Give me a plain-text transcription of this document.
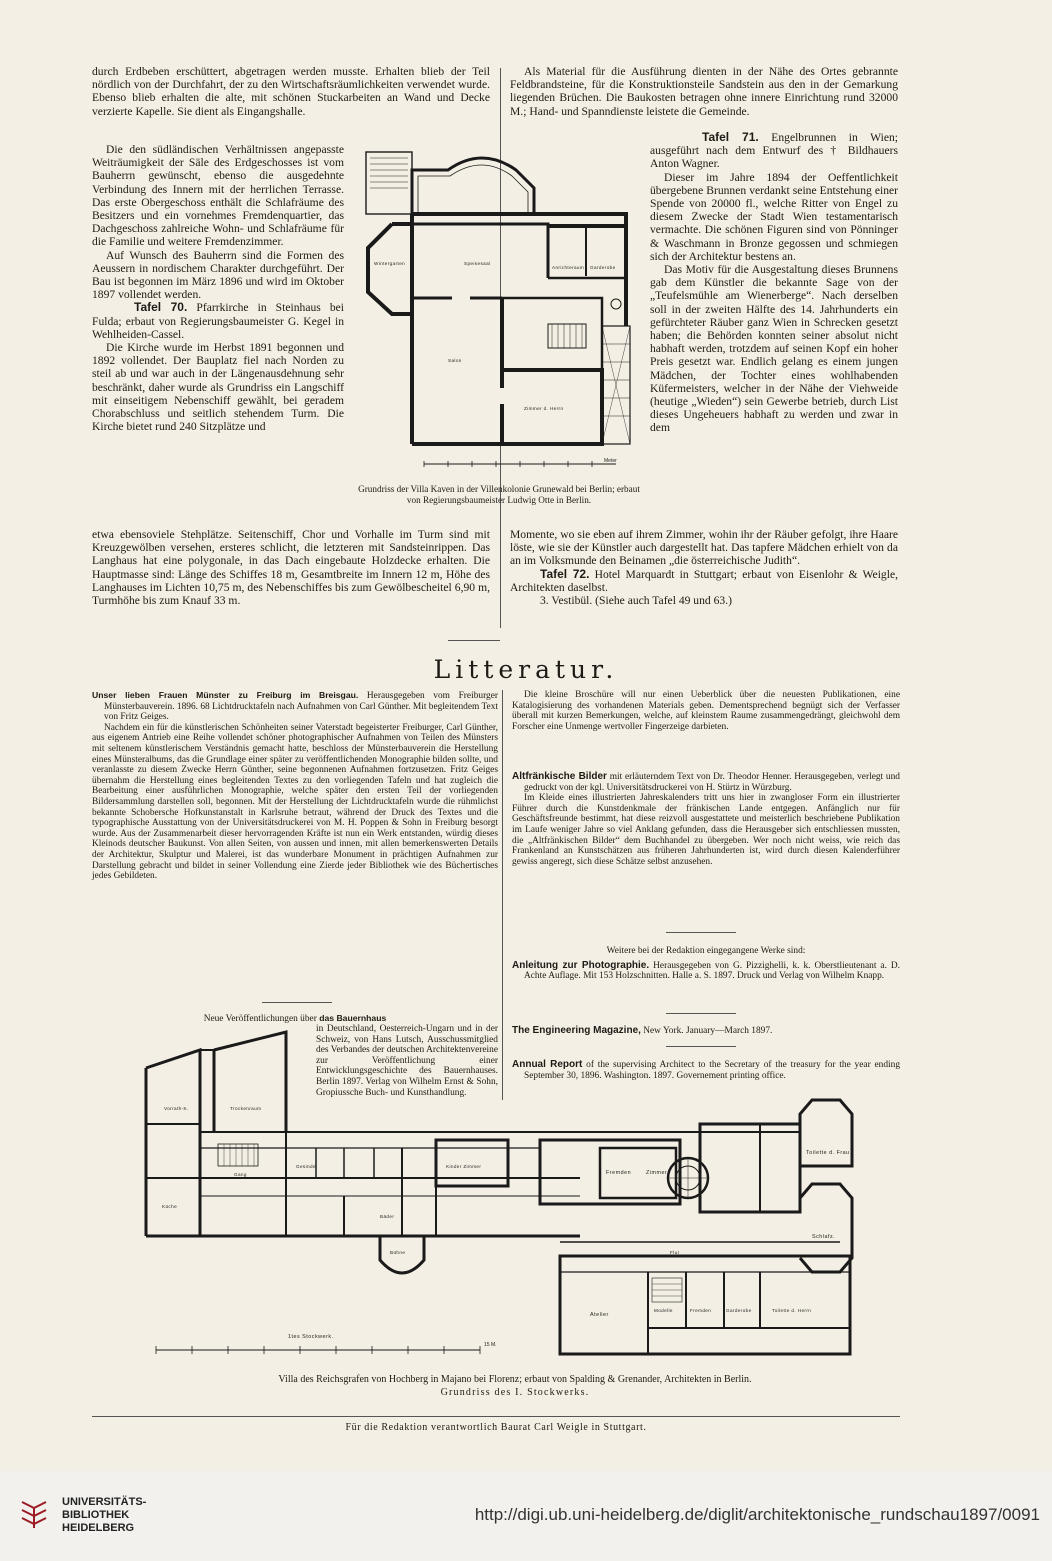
durch Erdbeben erschüttert, abgetragen werden musste. Erhalten blieb der Teil nördlich von der Durchfahrt, der zu den Wirtschaftsräumlichkeiten verwendet wurde. Ebenso blieb erhalten die alte, mit schönen Stuckarbeiten an Wand und Decke verzierte Kapelle. Sie dient als Eingangshalle.

Die den südländischen Verhältnissen angepasste Weiträumigkeit der Säle des Erdgeschosses ist vom Bauherrn gewünscht, ebenso die ausgedehnte Verbindung des Innern mit der herrlichen Terrasse. Das erste Obergeschoss enthält die Schlafräume des Besitzers und ein vornehmes Fremdenquartier, das Dachgeschoss zahlreiche Wohn- und Schlafräume für die Familie und weitere Fremdenzimmer.

Auf Wunsch des Bauherrn sind die Formen des Aeussern in nordischem Charakter durchgeführt. Der Bau ist begonnen im März 1896 und wird im Oktober 1897 vollendet werden.

Tafel 70. Pfarrkirche in Steinhaus bei Fulda; erbaut von Regierungsbaumeister G. Kegel in Wehlheiden-Cassel.

Die Kirche wurde im Herbst 1891 begonnen und 1892 vollendet. Der Bauplatz fiel nach Norden zu steil ab und war auch in der Längenausdehnung sehr beschränkt, daher wurde als Grundriss ein Langschiff mit einseitigem Nebenschiff gewählt, bei geradem Chorabschluss und seitlich stehendem Turm. Die Kirche bietet rund 240 Sitzplätze und

etwa ebensoviele Stehplätze. Seitenschiff, Chor und Vorhalle im Turm sind mit Kreuzgewölben versehen, ersteres schlicht, die letzteren mit Sandsteinrippen. Das Langhaus hat eine polygonale, in das Dach eingebaute Holzdecke erhalten. Die Hauptmasse sind: Länge des Schiffes 18 m, Gesamtbreite im Innern 12 m, Höhe des Langhauses im Lichten 10,75 m, des Nebenschiffes bis zum Gewölbescheitel 6,90 m, Turmhöhe bis zum Knauf 33 m.

Als Material für die Ausführung dienten in der Nähe des Ortes gebrannte Feldbrandsteine, für die Konstruktionsteile Sandstein aus den in der Gemarkung liegenden Brüchen. Die Baukosten betragen ohne innere Einrichtung rund 32000 M.; Hand- und Spanndienste leistete die Gemeinde.

Tafel 71. Engelbrunnen in Wien; ausgeführt nach dem Entwurf des † Bildhauers Anton Wagner.

Dieser im Jahre 1894 der Oeffentlichkeit übergebene Brunnen verdankt seine Entstehung einer Spende von 20000 fl., welche Ritter von Engel zu diesem Zwecke der Stadt Wien testamentarisch vermachte. Die schönen Figuren sind von Pönninger & Waschmann in Bronze gegossen und schmiegen sich der Architektur bestens an.

Das Motiv für die Ausgestaltung dieses Brunnens gab dem Künstler die bekannte Sage von der „Teufelsmühle am Wienerberge“. Nach derselben soll in der zweiten Hälfte des 14. Jahrhunderts ein gefürchteter Räuber ganz Wien in Schrecken gesetzt haben; die Behörden konnten seiner absolut nicht habhaft werden, trotzdem auf seinen Kopf ein hoher Preis gesetzt war. Endlich gelang es einem jungen Mädchen, der Tochter eines wohlhabenden Küfermeisters, welcher in der Nähe der Viehweide (heutige „Wieden“) sein Gewerbe betrieb, durch List dieses Ungeheuers habhaft zu werden und zwar in dem

Momente, wo sie eben auf ihrem Zimmer, wohin ihr der Räuber gefolgt, ihre Haare löste, wie sie der Künstler auch dargestellt hat. Das tapfere Mädchen erhielt von da an im Volksmunde den Beinamen „die österreichische Judith“.

Tafel 72. Hotel Marquardt in Stuttgart; erbaut von Eisenlohr & Weigle, Architekten daselbst.

3. Vestibül. (Siehe auch Tafel 49 und 63.)

Wintergarten	Speisesaal
Anrichteraum Garderobe
Salon
Zimmer d. Herrn
Meter
Grundriss der Villa Kaven in der Villenkolonie Grunewald bei Berlin; erbaut von Regierungsbaumeister Ludwig Otte in Berlin.
Litteratur.

Unser lieben Frauen Münster zu Freiburg im Breisgau. Herausgegeben vom Freiburger Münsterbauverein. 1896. 68 Lichtdrucktafeln nach Aufnahmen von Carl Günther. Mit begleitendem Text von Fritz Geiges.

Nachdem ein für die künstlerischen Schönheiten seiner Vaterstadt begeisterter Freiburger, Carl Günther, aus eigenem Antrieb eine Reihe vollendet schöner photographischer Aufnahmen von Teilen des Münsters mit seltenem künstlerischem Verständnis gemacht hatte, beschloss der Münsterbauverein die Herstellung eines Münsteralbums, das die Grundlage einer später zu veröffentlichenden Monographie bilden sollte, und veranlasste zu diesem Zwecke Herrn Günther, seine begonnenen Aufnahmen fortzusetzen. Fritz Geiges übernahm die Herstellung eines begleitenden Textes zu den vorliegenden Tafeln und hat zugleich die Bearbeitung einer ausführlichen Monographie, welche später den ersten Teil der vorliegenden Bildersammlung darstellen soll, begonnen. Mit der Herstellung der Lichtdrucktafeln wurde die rühmlichst bekannte Schobersche Hofkunstanstalt in Karlsruhe betraut, während der Druck des Textes und die typographische Ausstattung von der Universitätsdruckerei von M. H. Poppen & Sohn in Freiburg besorgt wurde. Aus der Zusammenarbeit dieser hervorragenden Kräfte ist nun ein Werk entstanden, würdig dieses Kleinods deutscher Baukunst. Von allen Seiten, von aussen und innen, mit allen bemerkenswerten Details der Architektur, Skulptur und Malerei, ist das wunderbare Monument in prächtigen Aufnahmen zur Darstellung gebracht und bildet in seiner Vollendung eine Zierde jeder Bibliothek wie des Büchertisches jedes Gebildeten.

Neue Veröffentlichungen über das Bauernhaus

in Deutschland, Oesterreich-Ungarn und in der Schweiz, von Hans Lutsch, Ausschussmitglied des Verbandes der deutschen Architektenvereine zur Veröffentlichung einer Entwicklungsgeschichte des Bauernhauses. Berlin 1897. Verlag von Wilhelm Ernst & Sohn, Gropiussche Buch- und Kunsthandlung.

Die kleine Broschüre will nur einen Ueberblick über die neuesten Publikationen, eine Katalogisierung des vorhandenen Materials geben. Dementsprechend begnügt sich der Verfasser überall mit kurzen Bemerkungen, welche, auf kleinstem Raume zusammengedrängt, gleichwohl dem Forscher eine Unmenge wertvoller Fingerzeige darbieten.

Altfränkische Bilder mit erläuterndem Text von Dr. Theodor Henner. Herausgegeben, verlegt und gedruckt von der kgl. Universitätsdruckerei von H. Stürtz in Würzburg.

Im Kleide eines illustrierten Jahreskalenders tritt uns hier in zwangloser Form ein illustrierter Führer durch die Kunstdenkmale der fränkischen Lande entgegen. Anfänglich nur für Geschäftsfreunde bestimmt, hat diese reizvoll ausgestattete und meisterlich beschriebene Publikation im Laufe weniger Jahre so viel Anklang gefunden, dass die Herausgeber sich entschliessen mussten, die „Altfränkischen Bilder“ dem Buchhandel zu übergeben. Wer noch nicht weiss, wie reich das Frankenland an Kunstschätzen aus früheren Jahrhunderten ist, wird durch diesen Kalenderführer gewiss angeregt, sich diese Schätze selbst anzusehen.

Weitere bei der Redaktion eingegangene Werke sind:

Anleitung zur Photographie. Herausgegeben von G. Pizzighelli, k. k. Oberstlieutenant a. D. Achte Auflage. Mit 153 Holzschnitten. Halle a. S. 1897. Druck und Verlag von Wilhelm Knapp.

The Engineering Magazine, New York. January—March 1897.

Annual Report of the supervising Architect to the Secretary of the treasury for the year ending September 30, 1896. Washington. 1897. Governement printing office.

Vorrath-K.	Trockenraum
Küche
Gang
Gesinde
Bäder
Kinder Zimmer
Bühne
Fremden	Zimmer
Toilette d. Frau
Schlafz.
Flur
Atelier
Modelle	Fremden	Garderobe	Toilette d. Herrn
1tes Stockwerk.
15 M.
Villa des Reichsgrafen von Hochberg in Majano bei Florenz; erbaut von Spalding & Grenander, Architekten in Berlin.
Grundriss des I. Stockwerks.
Für die Redaktion verantwortlich Baurat Carl Weigle in Stuttgart.
UNIVERSITÄTS-
BIBLIOTHEK
HEIDELBERG
http://digi.ub.uni-heidelberg.de/diglit/architektonische_rundschau1897/0091
